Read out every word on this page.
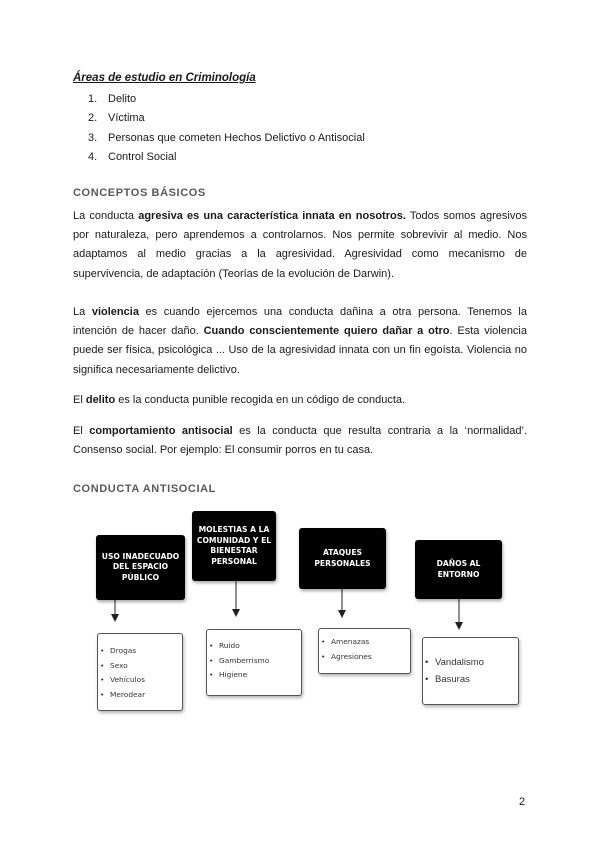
Áreas de estudio en Criminología
1. Delito
2. Víctima
3. Personas que cometen Hechos Delictivo o Antisocial
4. Control Social
CONCEPTOS BÁSICOS
La conducta agresiva es una característica innata en nosotros. Todos somos agresivos por naturaleza, pero aprendemos a controlarnos. Nos permite sobrevivir al medio. Nos adaptamos al medio gracias a la agresividad. Agresividad como mecanismo de supervivencia, de adaptación (Teorías de la evolución de Darwin).
La violencia es cuando ejercemos una conducta dañina a otra persona. Tenemos la intención de hacer daño. Cuando conscientemente quiero dañar a otro. Esta violencia puede ser física, psicológica ... Uso de la agresividad innata con un fin egoísta. Violencia no significa necesariamente delictivo.
El delito es la conducta punible recogida en un código de conducta.
El comportamiento antisocial es la conducta que resulta contraria a la ‘normalidad’. Consenso social. Por ejemplo: El consumir porros en tu casa.
CONDUCTA ANTISOCIAL
USO INADECUADO DEL ESPACIO PÚBLICO
MOLESTIAS A LA COMUNIDAD Y EL BIENESTAR PERSONAL
ATAQUES PERSONALES	DAÑOS AL ENTORNO
• Drogas
• Sexo
• Vehículos
• Merodear
• Ruido
• Gamberrismo
• Higiene
• Amenazas
• Agresiones
• Vandalismo
• Basuras
2
